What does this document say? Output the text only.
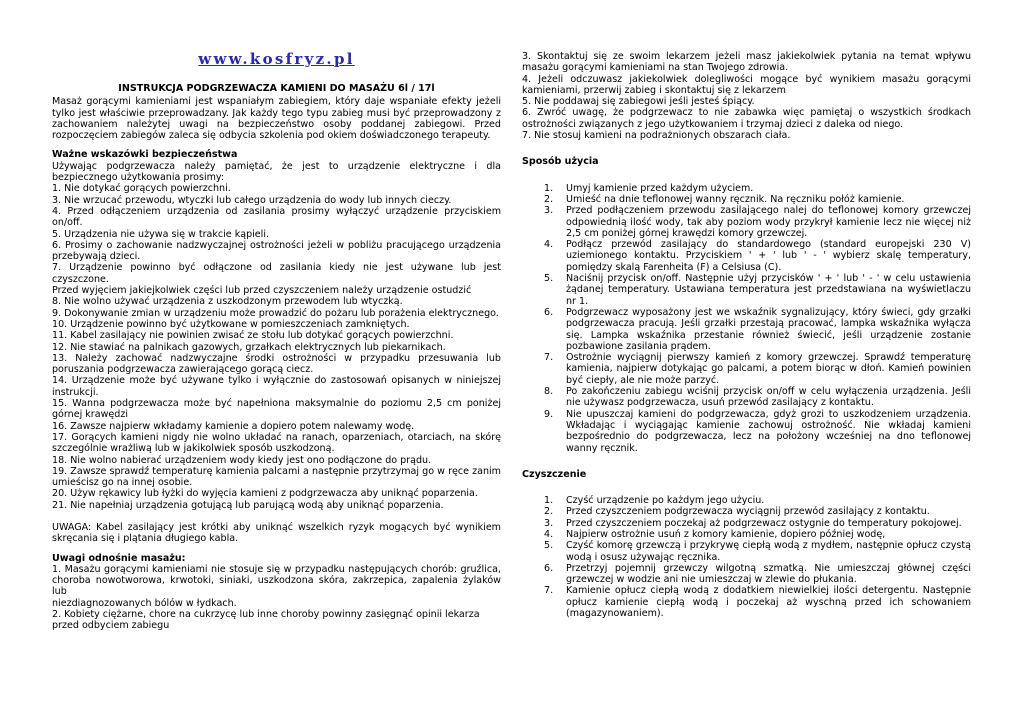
www.kosfryz.pl
INSTRUKCJA PODGRZEWACZA KAMIENI DO MASAŻU 6l / 17l

Masaż gorącymi kamieniami jest wspaniałym zabiegiem, który daje wspaniałe efekty jeżeli tylko jest właściwie przeprowadzany. Jak każdy tego typu zabieg musi być przeprowadzony z zachowaniem należytej uwagi na bezpieczeństwo osoby poddanej zabiegowi. Przed rozpoczęciem zabiegów zaleca się odbycia szkolenia pod okiem doświadczonego terapeuty.

Ważne wskazówki bezpieczeństwa

Używając podgrzewacza należy pamiętać, że jest to urządzenie elektryczne i dla bezpiecznego użytkowania prosimy:

1. Nie dotykać gorących powierzchni.

3. Nie wrzucać przewodu, wtyczki lub całego urządzenia do wody lub innych cieczy.

4. Przed odłączeniem urządzenia od zasilania prosimy wyłączyć urządzenie przyciskiem on/off.

5. Urządzenia nie używa się w trakcie kąpieli.

6. Prosimy o zachowanie nadzwyczajnej ostrożności jeżeli w pobliżu pracującego urządzenia przebywają dzieci.

7. Urządzenie powinno być odłączone od zasilania kiedy nie jest używane lub jest czyszczone.

Przed wyjęciem jakiejkolwiek części lub przed czyszczeniem należy urządzenie ostudzić

8. Nie wolno używać urządzenia z uszkodzonym przewodem lub wtyczką.

9. Dokonywanie zmian w urządzeniu może prowadzić do pożaru lub porażenia elektrycznego.

10. Urządzenie powinno być użytkowane w pomieszczeniach zamkniętych.

11. Kabel zasilający nie powinien zwisać ze stołu lub dotykać gorących powierzchni.

12. Nie stawiać na palnikach gazowych, grzałkach elektrycznych lub piekarnikach.

13. Należy zachować nadzwyczajne środki ostrożności w przypadku przesuwania lub poruszania podgrzewacza zawierającego gorącą ciecz.

14. Urządzenie może być używane tylko i wyłącznie do zastosowań opisanych w niniejszej instrukcji.

15. Wanna podgrzewacza może być napełniona maksymalnie do poziomu 2,5 cm poniżej górnej krawędzi

16. Zawsze najpierw wkładamy kamienie a dopiero potem nalewamy wodę.

17. Gorących kamieni nigdy nie wolno układać na ranach, oparzeniach, otarciach, na skórę szczególnie wrażliwą lub w jakikolwiek sposób uszkodzoną.

18. Nie wolno nabierać urządzeniem wody kiedy jest ono podłączone do prądu.

19. Zawsze sprawdź temperaturę kamienia palcami a następnie przytrzymaj go w ręce zanim umieścisz go na innej osobie.

20. Używ rękawicy lub łyżki do wyjęcia kamieni z podgrzewacza aby uniknąć poparzenia.

21. Nie napełniaj urządzenia gotującą lub parującą wodą aby uniknąć poparzenia.

UWAGA: Kabel zasilający jest krótki aby uniknąć wszelkich ryzyk mogących być wynikiem skręcania się i plątania długiego kabla.

Uwagi odnośnie masażu:

1. Masażu gorącymi kamieniami nie stosuje się w przypadku następujących chorób: gruźlica, choroba nowotworowa, krwotoki, siniaki, uszkodzona skóra, zakrzepica, zapalenia żylaków lub

niezdiagnozowanych bólów w łydkach.

2. Kobiety ciężarne, chore na cukrzycę lub inne choroby powinny zasięgnąć opinii lekarza przed odbyciem zabiegu

3. Skontaktuj się ze swoim lekarzem jeżeli masz jakiekolwiek pytania na temat wpływu masażu gorącymi kamieniami na stan Twojego zdrowia.

4. Jeżeli odczuwasz jakiekolwiek dolegliwości mogące być wynikiem masażu gorącymi kamieniami, przerwij zabieg i skontaktuj się z lekarzem

5. Nie poddawaj się zabiegowi jeśli jesteś śpiący.

6. Zwróć uwagę, że podgrzewacz to nie zabawka więc pamiętaj o wszystkich środkach ostrożności związanych z jego użytkowaniem i trzymaj dzieci z daleka od niego.

7. Nie stosuj kamieni na podrażnionych obszarach ciała.

Sposób użycia
1. Umyj kamienie przed każdym użyciem.
2. Umieść na dnie teflonowej wanny ręcznik. Na ręczniku połóż kamienie.
3. Przed podłączeniem przewodu zasilającego nalej do teflonowej komory grzewczej odpowiednią ilość wody, tak aby poziom wody przykrył kamienie lecz nie więcej niż 2,5 cm poniżej górnej krawędzi komory grzewczej.
4. Podłącz przewód zasilający do standardowego (standard europejski 230 V) uziemionego kontaktu. Przyciskiem ' + ' lub ' - ' wybierz skalę temperatury, pomiędzy skalą Farenheita (F) a Celsiusa (C).
5. Naciśnij przycisk on/off. Następnie użyj przycisków ' + ' lub ' - ' w celu ustawienia żądanej temperatury. Ustawiana temperatura jest przedstawiana na wyświetlaczu nr 1.
6. Podgrzewacz wyposażony jest we wskaźnik sygnalizujący, który świeci, gdy grzałki podgrzewacza pracują. Jeśli grzałki przestają pracować, lampka wskaźnika wyłącza się. Lampka wskaźnika przestanie również świecić, jeśli urządzenie zostanie pozbawione zasilania prądem.
7. Ostrożnie wyciągnij pierwszy kamień z komory grzewczej. Sprawdź temperaturę kamienia, najpierw dotykając go palcami, a potem biorąc w dłoń. Kamień powinien być ciepły, ale nie może parzyć.
8. Po zakończeniu zabiegu wciśnij przycisk on/off w celu wyłączenia urządzenia. Jeśli nie używasz podgrzewacza, usuń przewód zasilający z kontaktu.
9. Nie upuszczaj kamieni do podgrzewacza, gdyż grozi to uszkodzeniem urządzenia. Wkładając i wyciągając kamienie zachowuj ostrożność. Nie wkładaj kamieni bezpośrednio do podgrzewacza, lecz na położony wcześniej na dno teflonowej wanny ręcznik.
Czyszczenie
1. Czyść urządzenie po każdym jego użyciu.
2. Przed czyszczeniem podgrzewacza wyciągnij przewód zasilający z kontaktu.
3. Przed czyszczeniem poczekaj aż podgrzewacz ostygnie do temperatury pokojowej.
4. Najpierw ostrożnie usuń z komory kamienie, dopiero później wodę,
5. Czyść komorę grzewczą i przykrywę ciepłą wodą z mydłem, następnie opłucz czystą wodą i osusz używając ręcznika.
6. Przetrzyj pojemnij grzewczy wilgotną szmatką. Nie umieszczaj głównej części grzewczej w wodzie ani nie umieszczaj w zlewie do płukania.
7. Kamienie opłucz ciepłą wodą z dodatkiem niewielkiej ilości detergentu. Następnie opłucz kamienie ciepłą wodą i poczekaj aż wyschną przed ich schowaniem (magazynowaniem).
